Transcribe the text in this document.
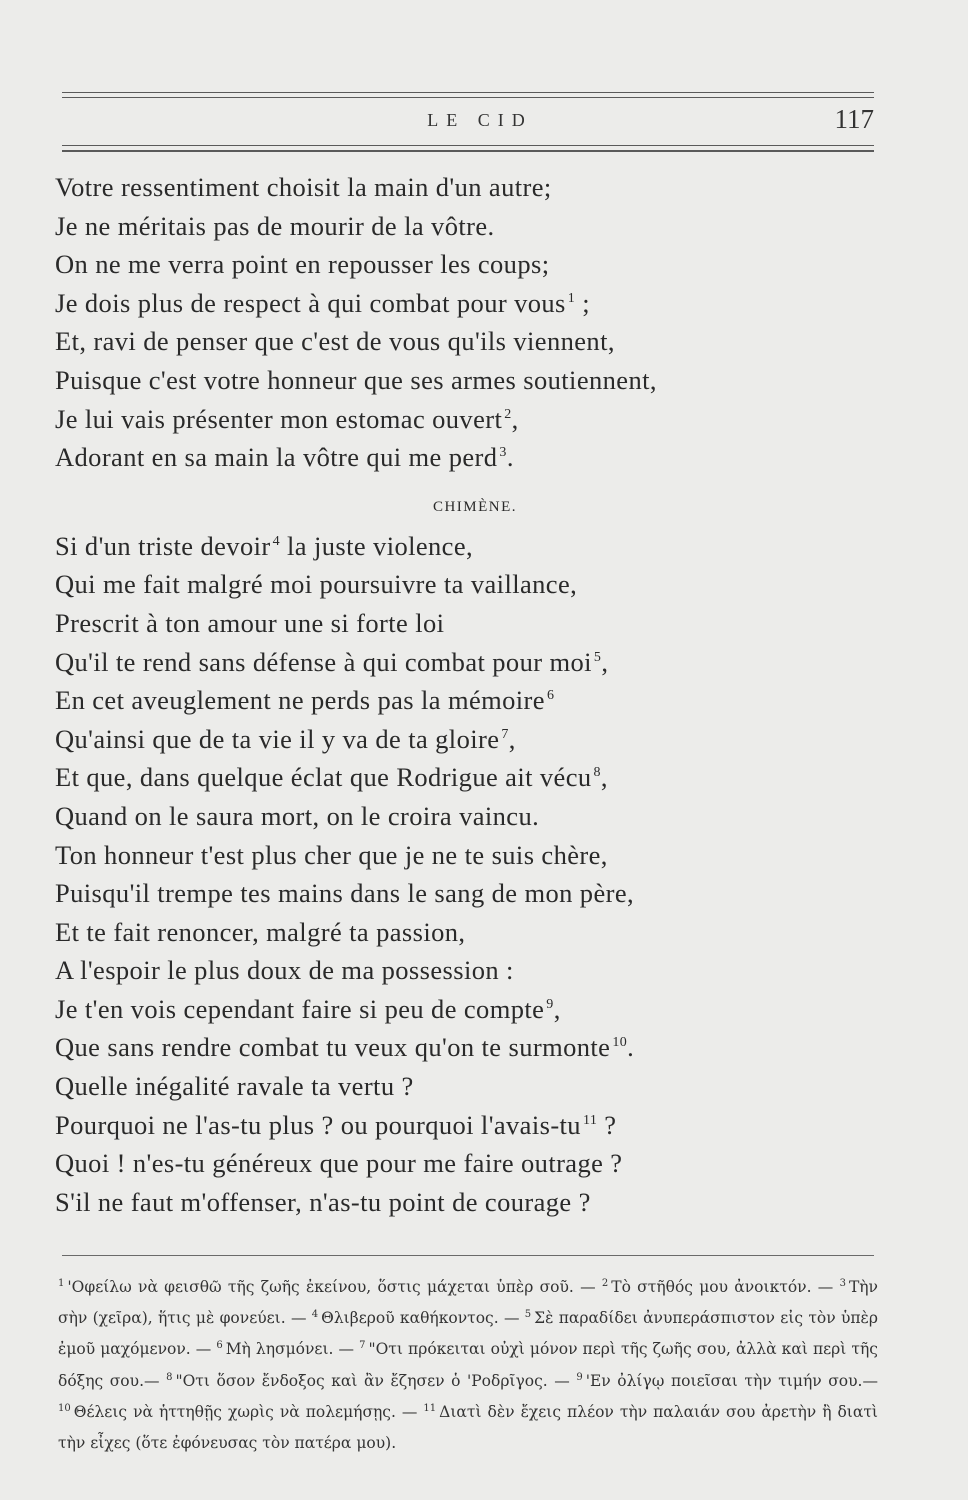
LE CID	117
Votre ressentiment choisit la main d'un autre;
Je ne méritais pas de mourir de la vôtre.
On ne me verra point en repousser les coups;
Je dois plus de respect à qui combat pour vous $^1$ ;
Et, ravi de penser que c'est de vous qu'ils viennent,
Puisque c'est votre honneur que ses armes soutiennent,
Je lui vais présenter mon estomac ouvert $^2$,
Adorant en sa main la vôtre qui me perd $^3$.
CHIMÈNE.
Si d'un triste devoir $^4$ la juste violence,
Qui me fait malgré moi poursuivre ta vaillance,
Prescrit à ton amour une si forte loi
Qu'il te rend sans défense à qui combat pour moi $^5$,
En cet aveuglement ne perds pas la mémoire $^6$
Qu'ainsi que de ta vie il y va de ta gloire $^7$,
Et que, dans quelque éclat que Rodrigue ait vécu $^8$,
Quand on le saura mort, on le croira vaincu.
Ton honneur t'est plus cher que je ne te suis chère,
Puisqu'il trempe tes mains dans le sang de mon père,
Et te fait renoncer, malgré ta passion,
A l'espoir le plus doux de ma possession :
Je t'en vois cependant faire si peu de compte $^9$,
Que sans rendre combat tu veux qu'on te surmonte $^{10}$.
Quelle inégalité ravale ta vertu ?
Pourquoi ne l'as-tu plus ? ou pourquoi l'avais-tu $^{11}$ ?
Quoi ! n'es-tu généreux que pour me faire outrage ?
S'il ne faut m'offenser, n'as-tu point de courage ?
$^1$ 'Οφείλω νὰ φεισθῶ τῆς ζωῆς ἐκείνου, ὅστις μάχεται ὑπὲρ σοῦ. — $^2$ Τὸ στῆθός μου ἀνοικτόν. — $^3$ Τὴν σὴν (χεῖρα), ἥτις μὲ φονεύει. — $^4$ Θλιβεροῦ καθήκοντος. — $^5$ Σὲ παραδίδει ἀνυπεράσπιστον εἰς τὸν ὑπὲρ ἐμοῦ μαχόμενον. — $^6$ Μὴ λησμόνει. — $^7$ "Οτι πρόκειται οὐχὶ μόνον περὶ τῆς ζωῆς σου, ἀλλὰ καὶ περὶ τῆς δόξης σου.— $^8$ "Οτι ὅσον ἔνδοξος καὶ ἂν ἔζησεν ὁ 'Ροδρῖγος. — $^9$ 'Εν ὀλίγῳ ποιεῖσαι τὴν τιμήν σου.— $^{10}$ Θέλεις νὰ ἡττηθῇς χωρὶς νὰ πολεμήσῃς. — $^{11}$ Διατὶ δὲν ἔχεις πλέον τὴν παλαιάν σου ἀρετὴν ἢ διατὶ τὴν εἶχες (ὅτε ἐφόνευσας τὸν πατέρα μου).
